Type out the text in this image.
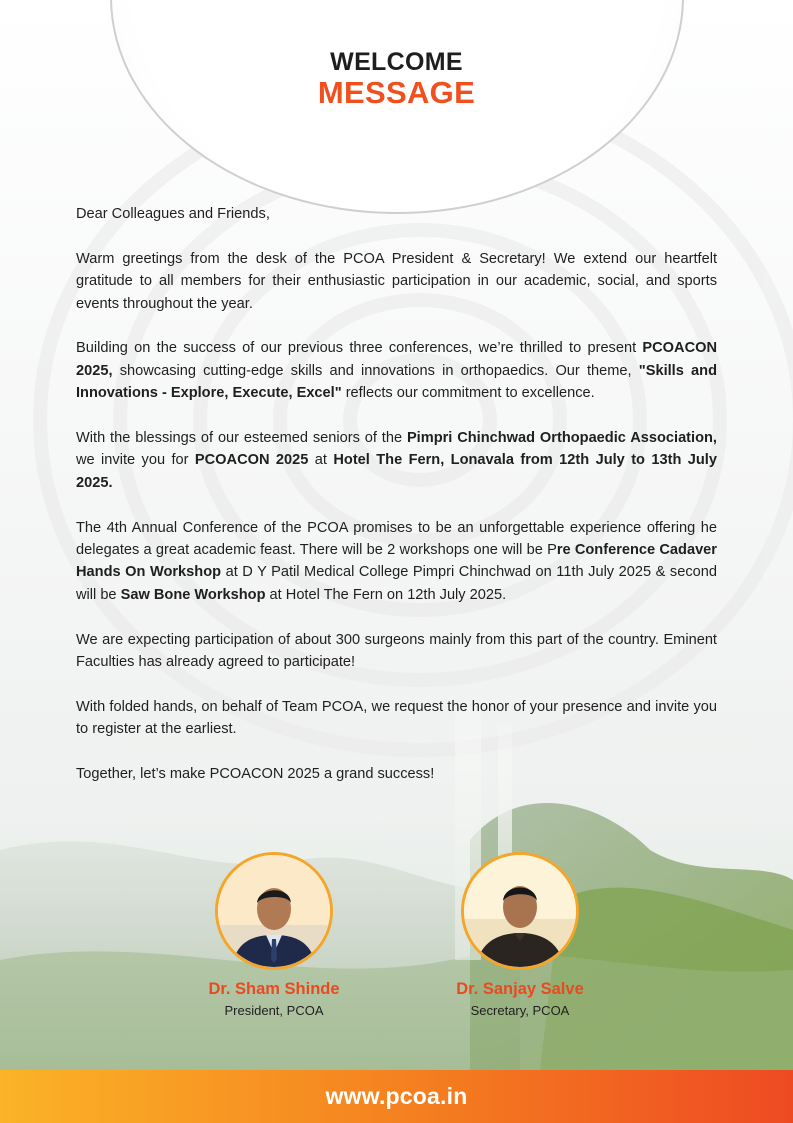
WELCOME
MESSAGE

Dear Colleagues and Friends,

Warm greetings from the desk of the PCOA President & Secretary! We extend our heartfelt gratitude to all members for their enthusiastic participation in our academic, social, and sports events throughout the year.

Building on the success of our previous three conferences, we’re thrilled to present PCOACON 2025, showcasing cutting-edge skills and innovations in orthopaedics. Our theme, "Skills and Innovations - Explore, Execute, Excel" reflects our commitment to excellence.

With the blessings of our esteemed seniors of the Pimpri Chinchwad Orthopaedic Association, we invite you for PCOACON 2025 at Hotel The Fern, Lonavala from 12th July to 13th July 2025.

The 4th Annual Conference of the PCOA promises to be an unforgettable experience offering he delegates a great academic feast. There will be 2 workshops one will be Pre Conference Cadaver Hands On Workshop at D Y Patil Medical College Pimpri Chinchwad on 11th July 2025 & second will be Saw Bone Workshop at Hotel The Fern on 12th July 2025.

We are expecting participation of about 300 surgeons mainly from this part of the country. Eminent Faculties has already agreed to participate!

With folded hands, on behalf of Team PCOA, we request the honor of your presence and invite you to register at the earliest.

Together, let’s make PCOACON 2025 a grand success!

Dr. Sham Shinde
President, PCOA
Dr. Sanjay Salve
Secretary, PCOA
www.pcoa.in
